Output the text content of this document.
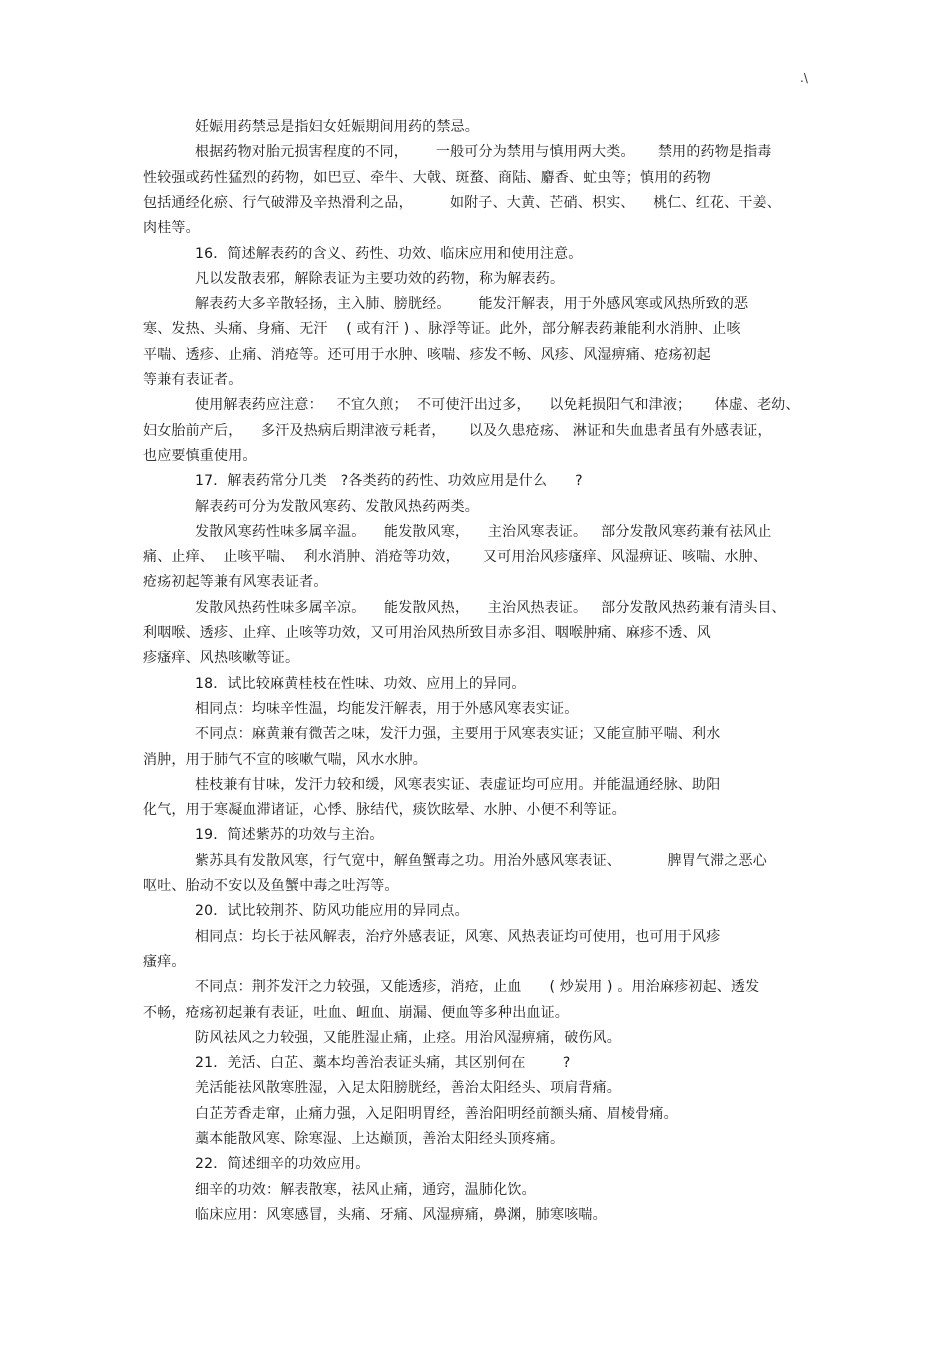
.\
妊娠用药禁忌是指妇女妊娠期间用药的禁忌。
根据药物对胎元损害程度的不同，      一般可分为禁用与慎用两大类。     禁用的药物是指毒
性较强或药性猛烈的药物，如巴豆、牵牛、大戟、斑蝥、商陆、麝香、虻虫等；慎用的药物
包括通经化瘀、行气破滞及辛热滑利之品，        如附子、大黄、芒硝、枳实、    桃仁、红花、干姜、
肉桂等。
16．简述解表药的含义、药性、功效、临床应用和使用注意。
凡以发散表邪，解除表证为主要功效的药物，称为解表药。
解表药大多辛散轻扬，主入肺、膀胱经。      能发汗解表，用于外感风寒或风热所致的恶
寒、发热、头痛、身痛、无汗    ( 或有汗 ) 、脉浮等证。此外，部分解表药兼能利水消肿、止咳
平喘、透疹、止痛、消疮等。还可用于水肿、咳喘、疹发不畅、风疹、风湿痹痛、疮疡初起
等兼有表证者。
使用解表药应注意：   不宜久煎；  不可使汗出过多，    以免耗损阳气和津液；     体虚、老幼、
妇女胎前产后，    多汗及热病后期津液亏耗者，     以及久患疮疡、 淋证和失血患者虽有外感表证，
也应要慎重使用。
17．解表药常分几类   ?各类药的药性、功效应用是什么      ?
解表药可分为发散风寒药、发散风热药两类。
发散风寒药性味多属辛温。    能发散风寒，    主治风寒表证。   部分发散风寒药兼有祛风止
痛、止痒、  止咳平喘、  利水消肿、消疮等功效，     又可用治风疹瘙痒、风湿痹证、咳喘、水肿、
疮疡初起等兼有风寒表证者。
发散风热药性味多属辛凉。    能发散风热，    主治风热表证。   部分发散风热药兼有清头目、
利咽喉、透疹、止痒、止咳等功效，又可用治风热所致目赤多泪、咽喉肿痛、麻疹不透、风
疹瘙痒、风热咳嗽等证。
18．试比较麻黄桂枝在性味、功效、应用上的异同。
相同点：均味辛性温，均能发汗解表，用于外感风寒表实证。
不同点：麻黄兼有微苦之味，发汗力强，主要用于风寒表实证；又能宣肺平喘、利水
消肿，用于肺气不宣的咳嗽气喘，风水水肿。
桂枝兼有甘味，发汗力较和缓，风寒表实证、表虚证均可应用。并能温通经脉、助阳
化气，用于寒凝血滞诸证，心悸、脉结代，痰饮眩晕、水肿、小便不利等证。
19．简述紫苏的功效与主治。
紫苏具有发散风寒，行气宽中，解鱼蟹毒之功。用治外感风寒表证、          脾胃气滞之恶心
呕吐、胎动不安以及鱼蟹中毒之吐泻等。
20．试比较荆芥、防风功能应用的异同点。
相同点：均长于祛风解表，治疗外感表证，风寒、风热表证均可使用，也可用于风疹
瘙痒。
不同点：荆芥发汗之力较强，又能透疹，消疮，止血      ( 炒炭用 ) 。用治麻疹初起、透发
不畅，疮疡初起兼有表证，吐血、衄血、崩漏、便血等多种出血证。
防风祛风之力较强，又能胜湿止痛，止痉。用治风湿痹痛，破伤风。
21．羌活、白芷、藁本均善治表证头痛，其区别何在        ?
羌活能祛风散寒胜湿，入足太阳膀胱经，善治太阳经头、项肩背痛。
白芷芳香走窜，止痛力强，入足阳明胃经，善治阳明经前额头痛、眉棱骨痛。
藁本能散风寒、除寒湿、上达巅顶，善治太阳经头顶疼痛。
22．简述细辛的功效应用。
细辛的功效：解表散寒，祛风止痛，通窍，温肺化饮。
临床应用：风寒感冒，头痛、牙痛、风湿痹痛，鼻渊，肺寒咳喘。
